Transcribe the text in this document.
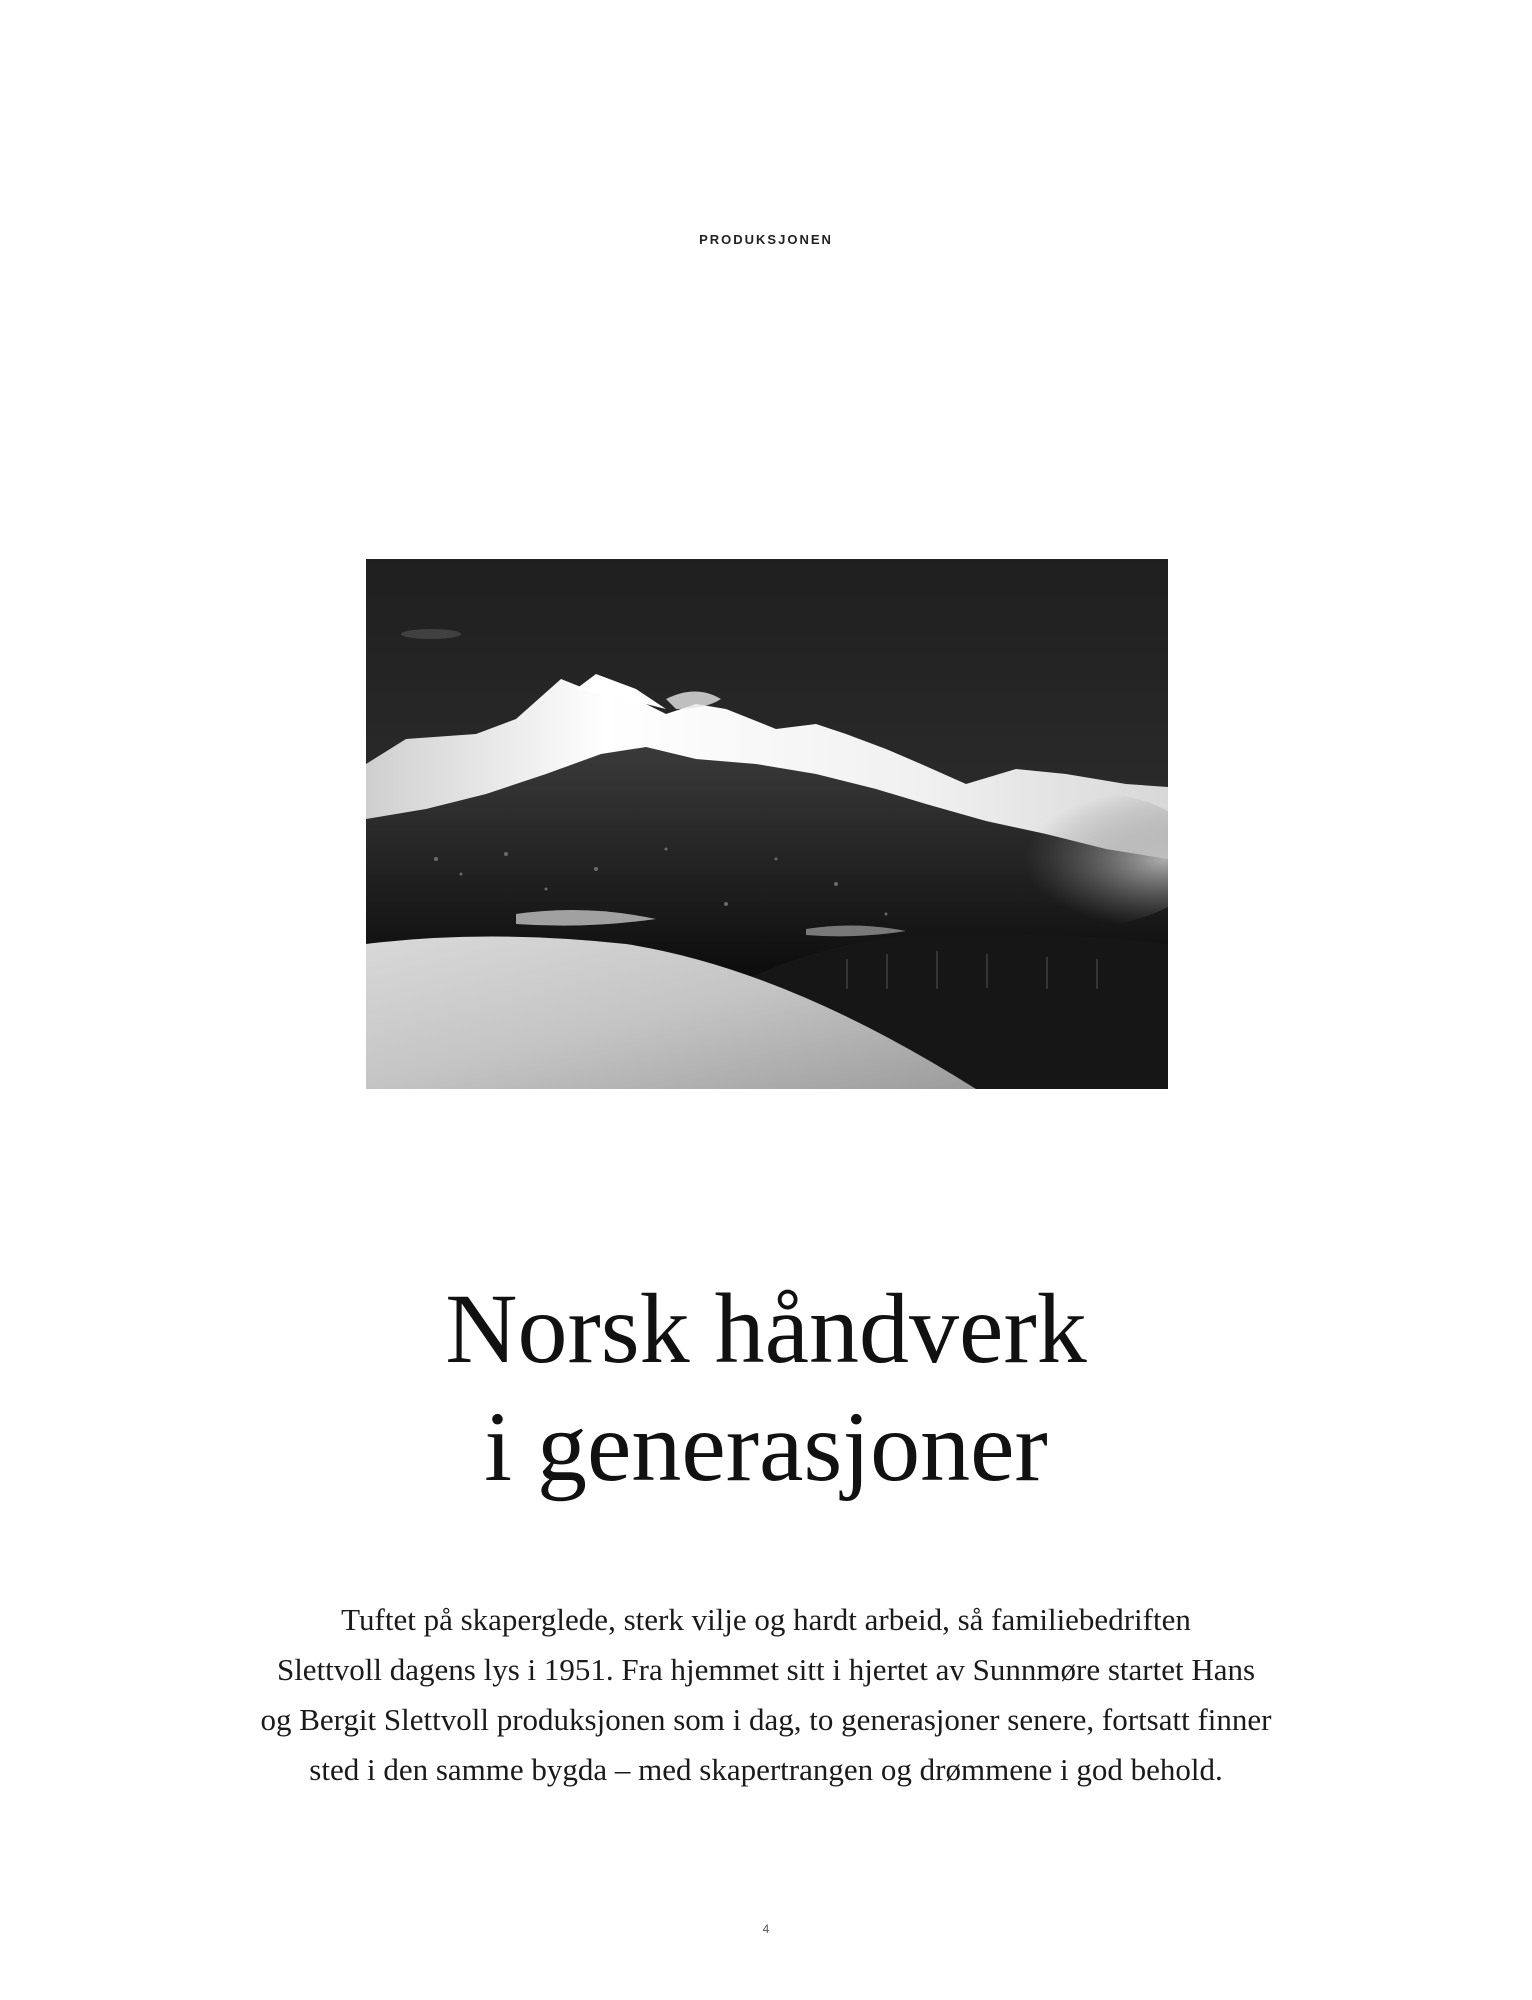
PRODUKSJONEN
Norsk håndverk
i generasjoner

Tuftet på skaperglede, sterk vilje og hardt arbeid, så familiebedriften
Slettvoll dagens lys i 1951. Fra hjemmet sitt i hjertet av Sunnmøre startet Hans
og Bergit Slettvoll produksjonen som i dag, to generasjoner senere, fortsatt finner
sted i den samme bygda – med skapertrangen og drømmene i god behold.

4
